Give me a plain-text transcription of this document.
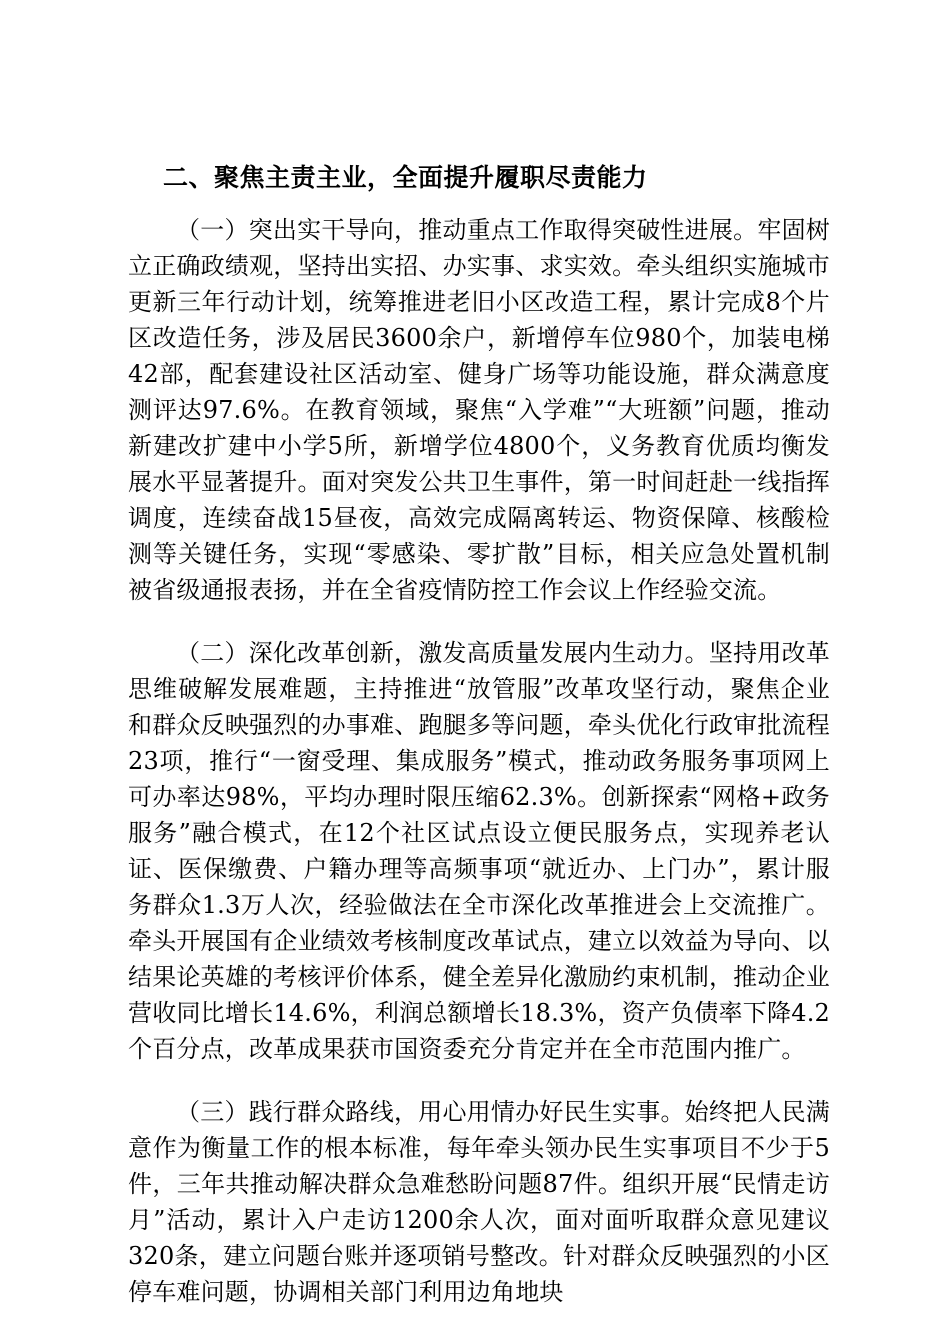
二、聚焦主责主业，全面提升履职尽责能力

（一）突出实干导向，推动重点工作取得突破性进展。牢固树立正确政绩观，坚持出实招、办实事、求实效。牵头组织实施城市更新三年行动计划，统筹推进老旧小区改造工程，累计完成8个片区改造任务，涉及居民3600余户，新增停车位980个，加装电梯42部，配套建设社区活动室、健身广场等功能设施，群众满意度测评达97.6%。在教育领域，聚焦“入学难”“大班额”问题，推动新建改扩建中小学5所，新增学位4800个，义务教育优质均衡发展水平显著提升。面对突发公共卫生事件，第一时间赶赴一线指挥调度，连续奋战15昼夜，高效完成隔离转运、物资保障、核酸检测等关键任务，实现“零感染、零扩散”目标，相关应急处置机制被省级通报表扬，并在全省疫情防控工作会议上作经验交流。

（二）深化改革创新，激发高质量发展内生动力。坚持用改革思维破解发展难题，主持推进“放管服”改革攻坚行动，聚焦企业和群众反映强烈的办事难、跑腿多等问题，牵头优化行政审批流程23项，推行“一窗受理、集成服务”模式，推动政务服务事项网上可办率达98%，平均办理时限压缩62.3%。创新探索“网格+政务服务”融合模式，在12个社区试点设立便民服务点，实现养老认证、医保缴费、户籍办理等高频事项“就近办、上门办”，累计服务群众1.3万人次，经验做法在全市深化改革推进会上交流推广。牵头开展国有企业绩效考核制度改革试点，建立以效益为导向、以结果论英雄的考核评价体系，健全差异化激励约束机制，推动企业营收同比增长14.6%，利润总额增长18.3%，资产负债率下降4.2个百分点，改革成果获市国资委充分肯定并在全市范围内推广。

（三）践行群众路线，用心用情办好民生实事。始终把人民满意作为衡量工作的根本标准，每年牵头领办民生实事项目不少于5件，三年共推动解决群众急难愁盼问题87件。组织开展“民情走访月”活动，累计入户走访1200余人次，面对面听取群众意见建议320条，建立问题台账并逐项销号整改。针对群众反映强烈的小区停车难问题，协调相关部门利用边角地块
